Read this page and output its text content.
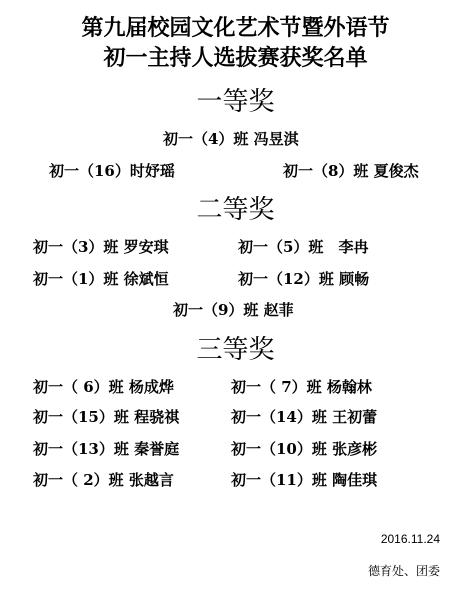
第九届校园文化艺术节暨外语节
初一主持人选拔赛获奖名单
一等奖
初一（4）班 冯昱淇
初一（16）时妤瑶	初一（8）班 夏俊杰
二等奖
初一（3）班 罗安琪	初一（5）班　李冉
初一（1）班 徐斌恒	初一（12）班 顾畅
初一（9）班 赵菲
三等奖
初一（ 6）班 杨成烨	初一（ 7）班 杨翰林
初一（15）班 程骁祺	初一（14）班 王初蕾
初一（13）班 秦誉庭	初一（10）班 张彦彬
初一（ 2）班 张越言	初一（11）班 陶佳琪
2016.11.24
德育处、团委
